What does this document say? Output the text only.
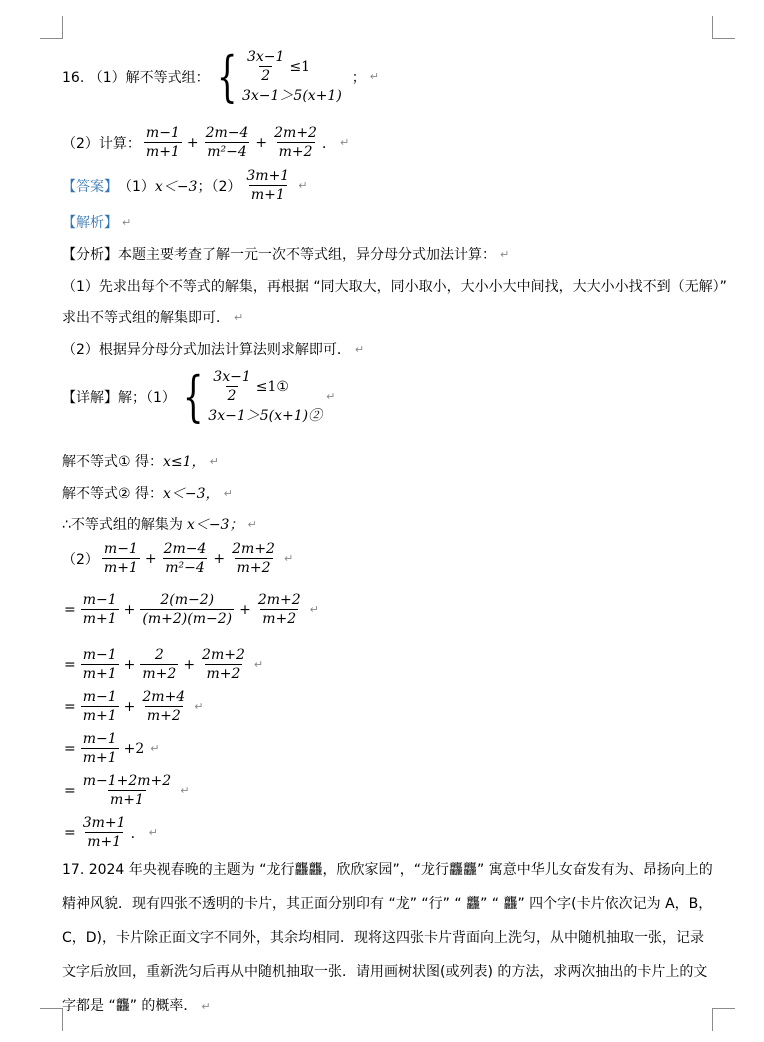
16. （1）解不等式组： { $\frac{3x-1}{2} \le 1$
3x−1＞5(x+1)
； ↵
（2）计算： $\frac{m-1}{m+1} + \frac{2m-4}{\text{m²−4}} + \frac{2m+2}{m+2}$ ． ↵
【答案】 （1） x＜−3 ；$(2) \frac{3m+1}{m+1}$ ↵
【解析】 ↵
【分析】本题主要考查了解一元一次不等式组，异分母分式加法计算： ↵
（1）先求出每个不等式的解集，再根据 “同大取大，同小取小，大小小大中间找，大大小小找不到（无解）”
求出不等式组的解集即可． ↵
（2）根据异分母分式加法计算法则求解即可． ↵
【详解】解；（1） { $\frac{3x-1}{2}$ ≤1①
3x−1＞5(x+1)②
↵
解不等式① 得： x≤1， ↵
解不等式② 得： x＜−3， ↵
∴不等式组的解集为 x＜−3； ↵
$(2) \frac{m-1}{m+1} + \frac{2m-4}{\text{m²−4}} + \frac{2m+2}{m+2}$ ↵
= $\frac{m-1}{m+1} + \frac{2(m-2)}{(m+2)(m-2)} + \frac{2m+2}{m+2}$ ↵
= $\frac{m-1}{m+1} + \frac{2}{m+2} + \frac{2m+2}{m+2}$ ↵
= $\frac{m-1}{m+1} + \frac{2m+4}{m+2}$ ↵
= $\frac{m-1}{m+1} +2$ ↵
= $\frac{m-1+2m+2}{m+1}$ ↵
= $\frac{3m+1}{m+1}$ ． ↵
17. 2024 年央视春晚的主题为 “龙行龘龘，欣欣家园”，“龙行龘龘” 寓意中华儿女奋发有为、昂扬向上的精神风貌．现有四张不透明的卡片，其正面分别印有 “龙” “行” “ 龘” “ 龘” 四个字(卡片依次记为 A，B，C，D)，卡片除正面文字不同外，其余均相同．现将这四张卡片背面向上洗匀，从中随机抽取一张，记录文字后放回，重新洗匀后再从中随机抽取一张．请用画树状图(或列表) 的方法，求两次抽出的卡片上的文字都是 “龘” 的概率． ↵
